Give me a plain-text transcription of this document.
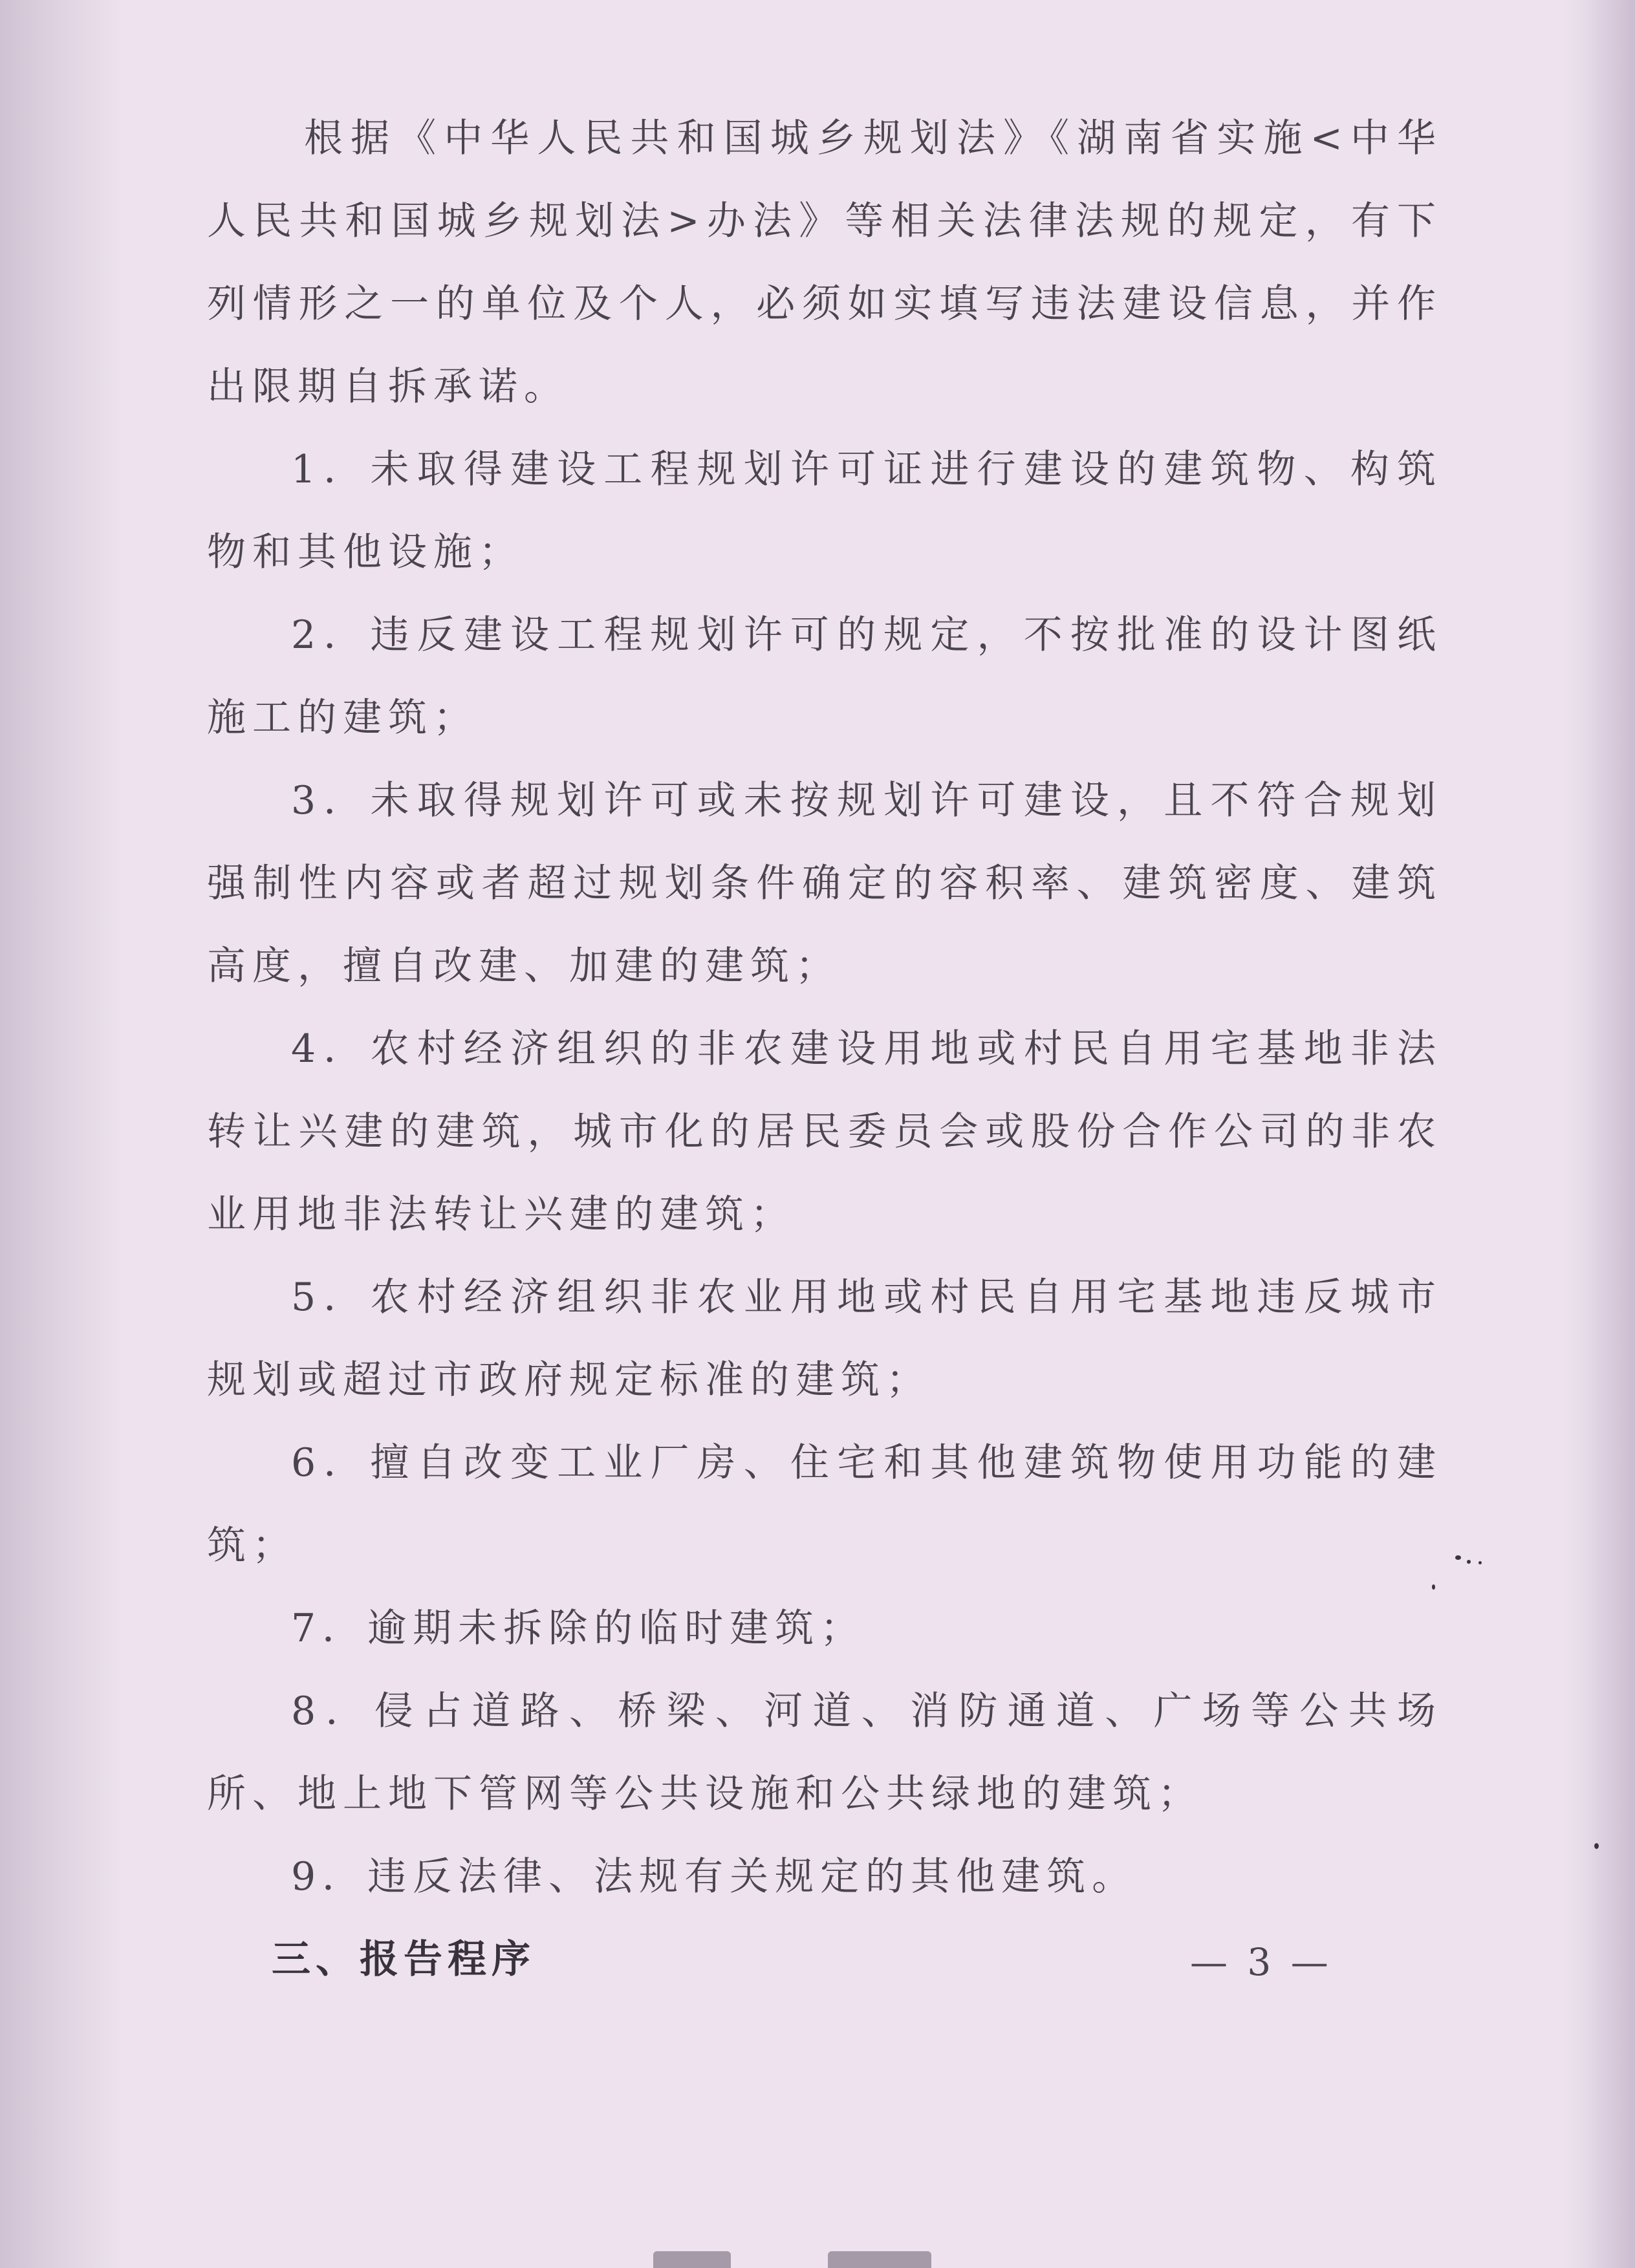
根据《中华人民共和国城乡规划法》《湖南省实施<中华人民共和国城乡规划法>办法》等相关法律法规的规定，有下列情形之一的单位及个人，必须如实填写违法建设信息，并作出限期自拆承诺。

1．未取得建设工程规划许可证进行建设的建筑物、构筑物和其他设施；

2．违反建设工程规划许可的规定，不按批准的设计图纸施工的建筑；

3．未取得规划许可或未按规划许可建设，且不符合规划强制性内容或者超过规划条件确定的容积率、建筑密度、建筑高度，擅自改建、加建的建筑；

4．农村经济组织的非农建设用地或村民自用宅基地非法转让兴建的建筑，城市化的居民委员会或股份合作公司的非农业用地非法转让兴建的建筑；

5．农村经济组织非农业用地或村民自用宅基地违反城市规划或超过市政府规定标准的建筑；

6．擅自改变工业厂房、住宅和其他建筑物使用功能的建筑；

7．逾期未拆除的临时建筑；

8．侵占道路、桥梁、河道、消防通道、广场等公共场所、地上地下管网等公共设施和公共绿地的建筑；

9．违反法律、法规有关规定的其他建筑。

三、报告程序	— 3 —
